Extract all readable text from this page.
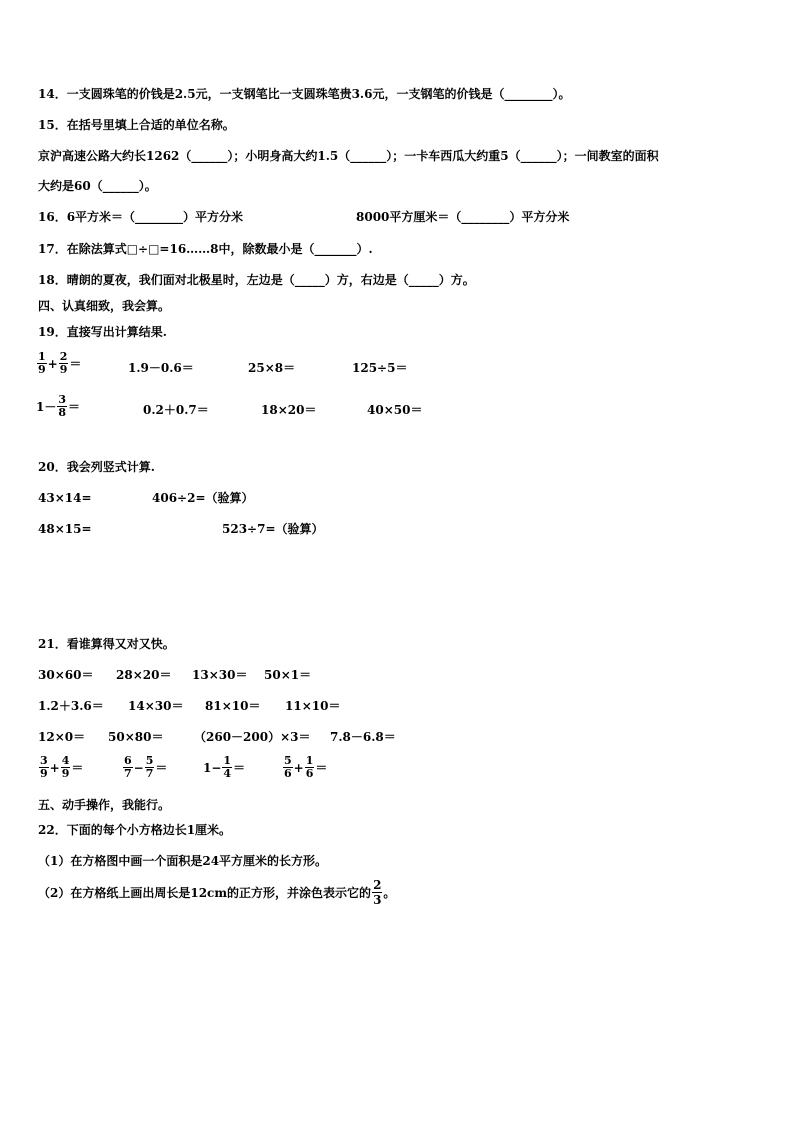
14．一支圆珠笔的价钱是2.5元，一支钢笔比一支圆珠笔贵3.6元，一支钢笔的价钱是（________）。
15．在括号里填上合适的单位名称。
京沪高速公路大约长1262（______）；小明身高大约1.5（______）；一卡车西瓜大约重5（______）；一间教室的面积
大约是60（______）。
16．6平方米＝（________）平方分米	8000平方厘米＝（________）平方分米
17．在除法算式□÷□=16……8中，除数最小是（_______）.
18．晴朗的夏夜，我们面对北极星时，左边是（_____）方，右边是（_____）方。
四、认真细致，我会算。
19．直接写出计算结果.
$\frac{1}{9} + \frac{2}{9}$ ＝	1.9－0.6＝	25×8＝	125÷5＝
$1- \frac{3}{8}$ ＝	0.2＋0.7＝	18×20＝	40×50＝
20．我会列竖式计算.
43×14=	406÷2=（验算）
48×15=	523÷7=（验算）
21．看谁算得又对又快。
30×60＝ 28×20＝ 13×30＝ 50×1＝
1.2＋3.6＝ 14×30＝ 81×10＝ 11×10＝
12×0＝ 50×80＝	（260－200）×3＝ 7.8－6.8＝
$\frac{3}{9} + \frac{4}{9}$ ＝	$\frac{6}{7} - \frac{5}{7}$ ＝	$1- \frac{1}{4}$ ＝	$\frac{5}{6} + \frac{1}{6}$ ＝
五、动手操作，我能行。
22．下面的每个小方格边长1厘米。
（1）在方格图中画一个面积是24平方厘米的长方形。
（2）在方格纸上画出周长是12cm的正方形，并涂色表示它的 $\frac{2}{3}$ 。
